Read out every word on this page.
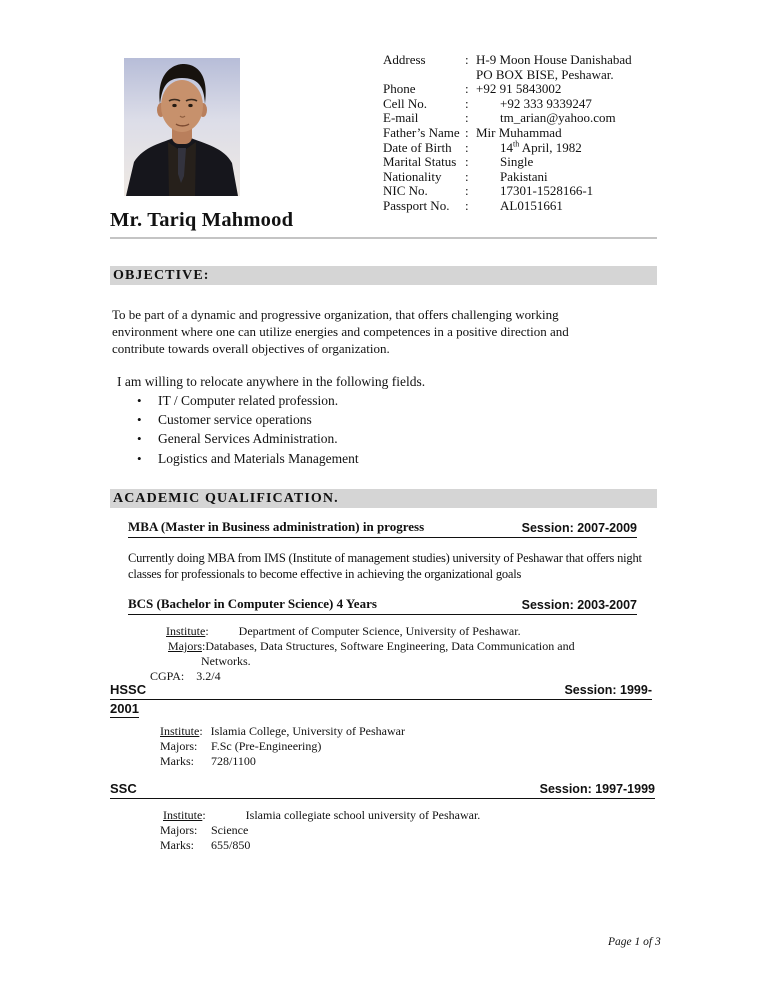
Address	: H-9 Moon House Danishabad
PO BOX BISE, Peshawar.
Phone	: +92 91 5843002
Cell No.	:	+92 333 9339247
E-mail	:	tm_arian@yahoo.com
Father’s Name : Mir Muhammad
Date of Birth	:	14th April, 1982
Marital Status :	Single
Nationality	:	Pakistani
NIC No.	:	17301-1528166-1
Passport No.	:	AL0151661
Mr. Tariq Mahmood
OBJECTIVE:
To be part of a dynamic and progressive organization, that offers challenging working
environment where one can utilize energies and competences in a positive direction and
contribute towards overall objectives of organization.
I am willing to relocate anywhere in the following fields.
•	IT / Computer related profession.
•	Customer service operations
•	General Services Administration.
•	Logistics and Materials Management
ACADEMIC QUALIFICATION.
MBA (Master in Business administration) in progress	Session: 2007-2009
Currently doing MBA from IMS (Institute of management studies) university of Peshawar that offers night
classes for professionals to become effective in achieving the organizational goals
BCS (Bachelor in Computer Science) 4 Years	Session: 2003-2007
Institute :	Department of Computer Science, University of Peshawar.
Majors : Databases, Data Structures, Software Engineering, Data Communication and
Networks.
CGPA: 3.2/4
HSSC	Session: 1999-
2001
Institute : Islamia College, University of Peshawar
Majors:	F.Sc (Pre-Engineering)
Marks:	728/1100
SSC	Session: 1997-1999
Institute :	Islamia collegiate school university of Peshawar.
Majors:	Science
Marks:	655/850
Page 1 of 3
